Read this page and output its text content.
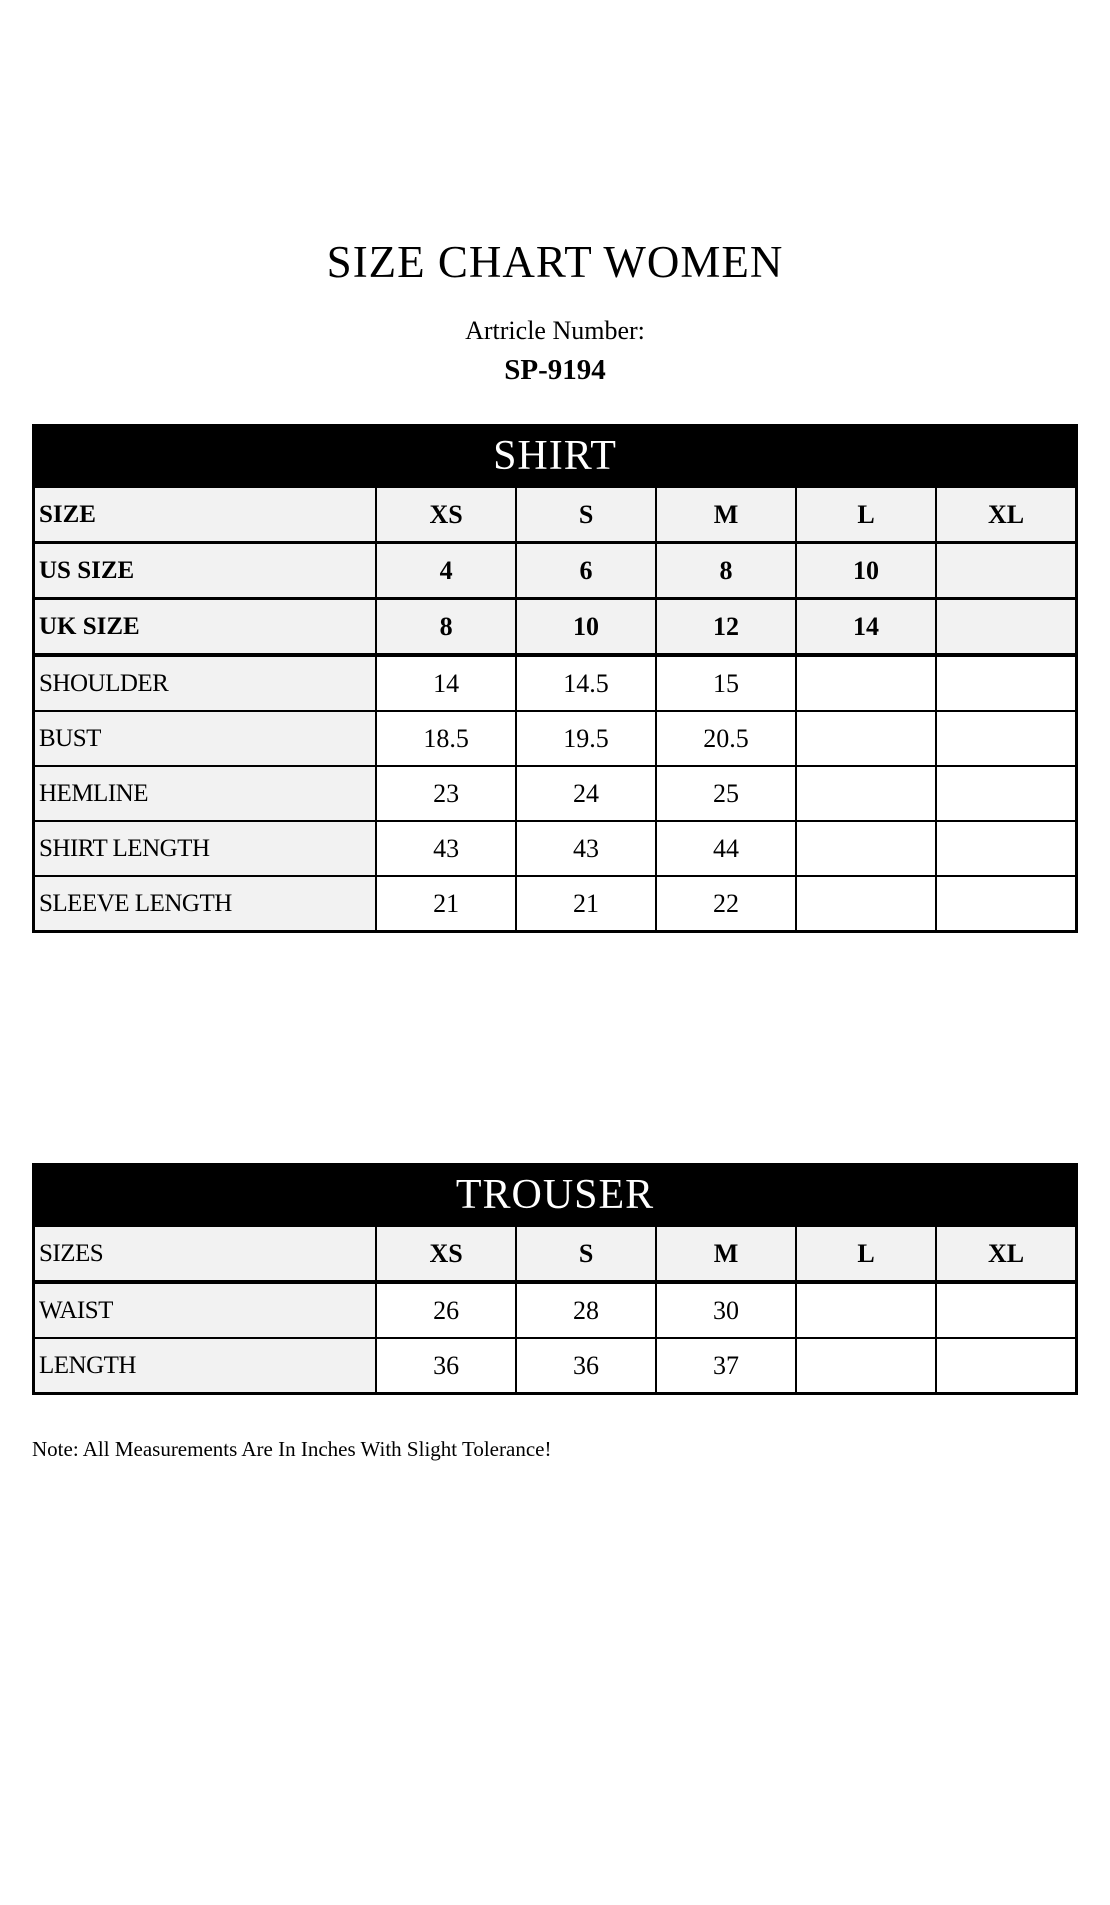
SIZE CHART WOMEN
Artricle Number:
SP-9194
SHIRT
SIZE	XS	S	M	L	XL
US SIZE	4	6	8	10
UK SIZE	8	10	12	14
SHOULDER	14	14.5	15
BUST	18.5	19.5	20.5
HEMLINE	23	24	25
SHIRT LENGTH	43	43	44
SLEEVE LENGTH	21	21	22
TROUSER
SIZES	XS	S	M	L	XL
WAIST	26	28	30
LENGTH	36	36	37
Note: All Measurements Are In Inches With Slight Tolerance!
